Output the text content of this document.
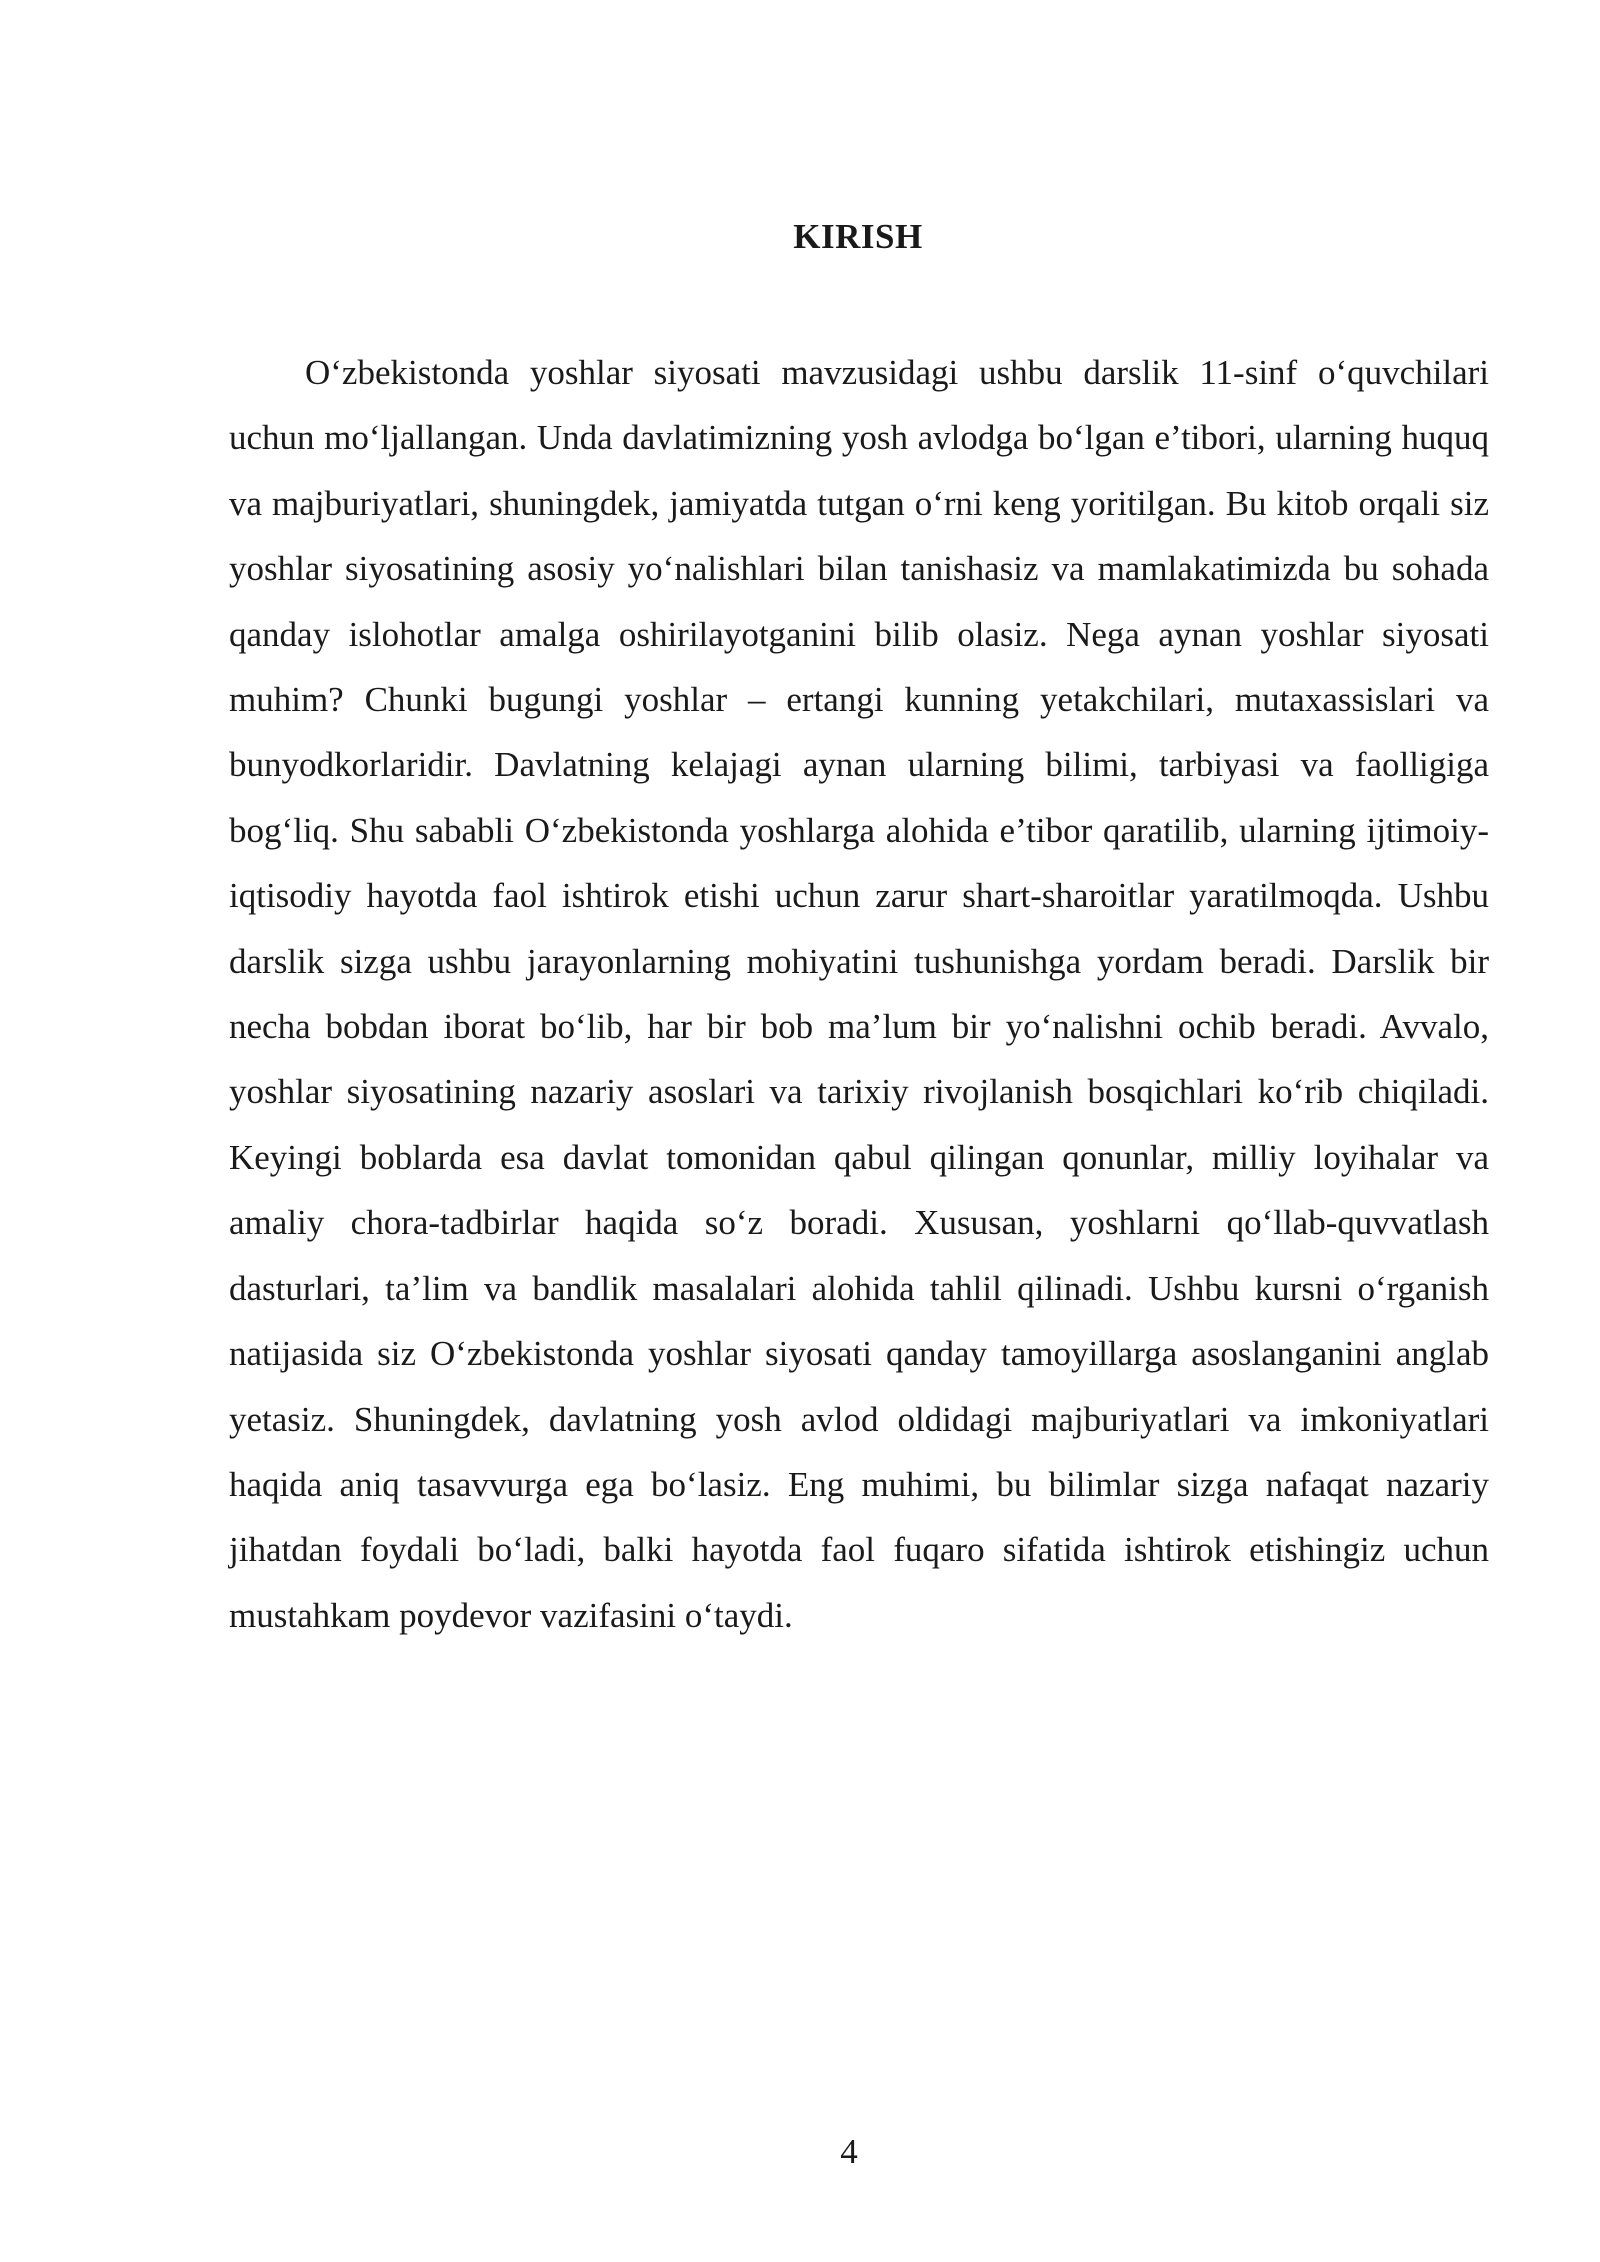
KIRISH

O‘zbekistonda yoshlar siyosati mavzusidagi ushbu darslik 11-sinf o‘quvchilari uchun mo‘ljallangan. Unda davlatimizning yosh avlodga bo‘lgan e’tibori, ularning huquq va majburiyatlari, shuningdek, jamiyatda tutgan o‘rni keng yoritilgan. Bu kitob orqali siz yoshlar siyosatining asosiy yo‘nalishlari bilan tanishasiz va mamlakatimizda bu sohada qanday islohotlar amalga oshirilayotganini bilib olasiz. Nega aynan yoshlar siyosati muhim? Chunki bugungi yoshlar – ertangi kunning yetakchilari, mutaxassislari va bunyodkorlaridir. Davlatning kelajagi aynan ularning bilimi, tarbiyasi va faolligiga bog‘liq. Shu sababli O‘zbekistonda yoshlarga alohida e’tibor qaratilib, ularning ijtimoiy-iqtisodiy hayotda faol ishtirok etishi uchun zarur shart-sharoitlar yaratilmoqda. Ushbu darslik sizga ushbu jarayonlarning mohiyatini tushunishga yordam beradi. Darslik bir necha bobdan iborat bo‘lib, har bir bob ma’lum bir yo‘nalishni ochib beradi. Avvalo, yoshlar siyosatining nazariy asoslari va tarixiy rivojlanish bosqichlari ko‘rib chiqiladi. Keyingi boblarda esa davlat tomonidan qabul qilingan qonunlar, milliy loyihalar va amaliy chora-tadbirlar haqida so‘z boradi. Xususan, yoshlarni qo‘llab-quvvatlash dasturlari, ta’lim va bandlik masalalari alohida tahlil qilinadi. Ushbu kursni o‘rganish natijasida siz O‘zbekistonda yoshlar siyosati qanday tamoyillarga asoslanganini anglab yetasiz. Shuningdek, davlatning yosh avlod oldidagi majburiyatlari va imkoniyatlari haqida aniq tasavvurga ega bo‘lasiz. Eng muhimi, bu bilimlar sizga nafaqat nazariy jihatdan foydali bo‘ladi, balki hayotda faol fuqaro sifatida ishtirok etishingiz uchun mustahkam poydevor vazifasini o‘taydi.

4
